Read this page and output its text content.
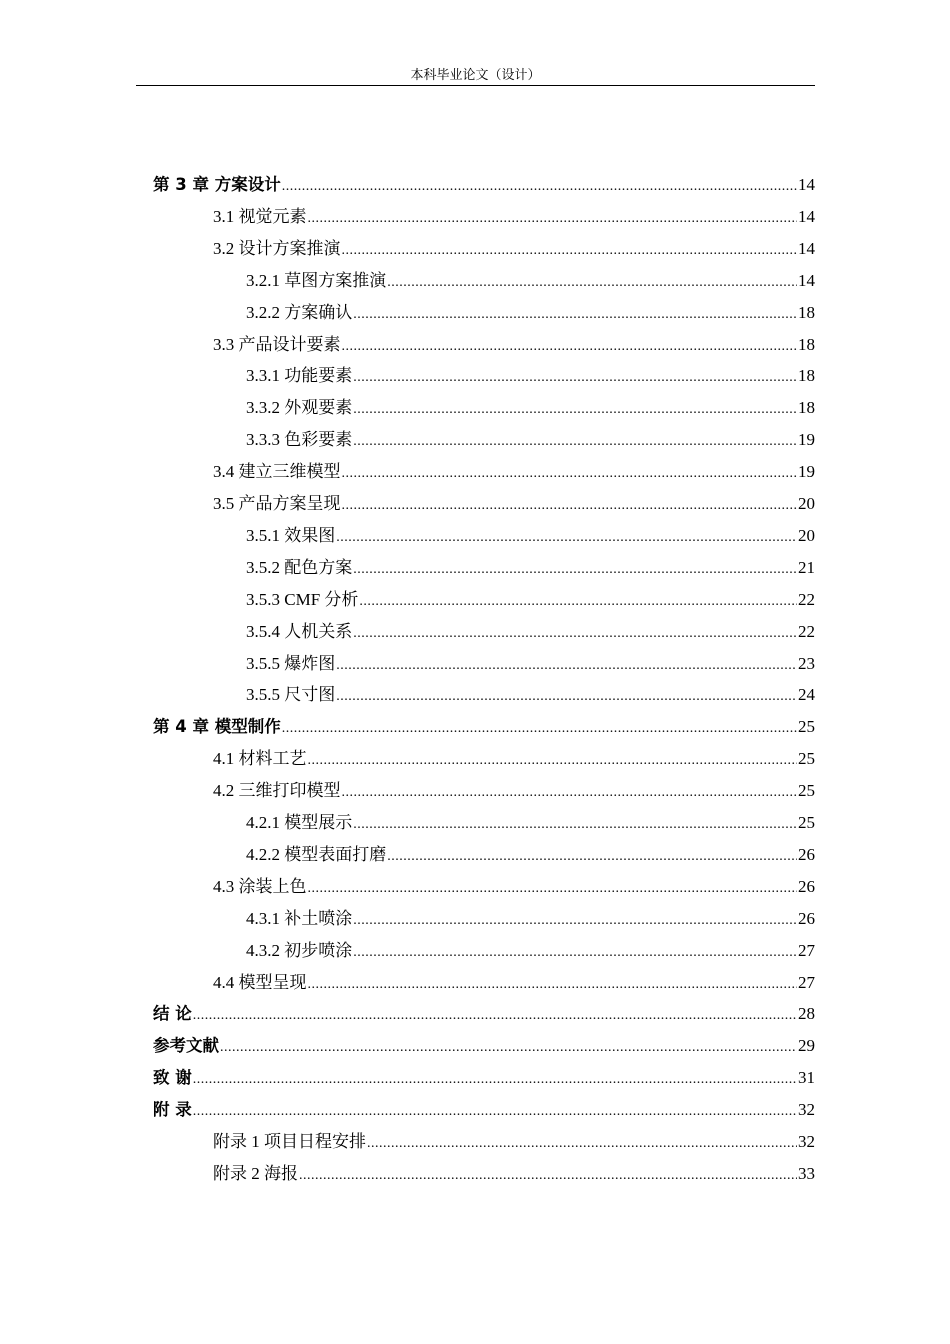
本科毕业论文（设计）
第 3 章 方案设计 .....	14
3.1 视觉元素 .....	14
3.2 设计方案推演 .....	14
3.2.1 草图方案推演 .....	14
3.2.2 方案确认 .....	18
3.3 产品设计要素 .....	18
3.3.1 功能要素 .....	18
3.3.2 外观要素 .....	18
3.3.3 色彩要素 .....	19
3.4 建立三维模型 .....	19
3.5 产品方案呈现 .....	20
3.5.1 效果图 .....	20
3.5.2 配色方案 .....	21
3.5.3 CMF 分析 .....	22
3.5.4 人机关系 .....	22
3.5.5 爆炸图 .....	23
3.5.5 尺寸图 .....	24
第 4 章 模型制作 .....	25
4.1 材料工艺 .....	25
4.2 三维打印模型 .....	25
4.2.1 模型展示 .....	25
4.2.2 模型表面打磨 .....	26
4.3 涂装上色 .....	26
4.3.1 补土喷涂 .....	26
4.3.2 初步喷涂 .....	27
4.4 模型呈现 .....	27
结 论 .....	28
参考文献 .....	29
致 谢 .....	31
附 录 .....	32
附录 1 项目日程安排 .....	32
附录 2 海报 .....	33
